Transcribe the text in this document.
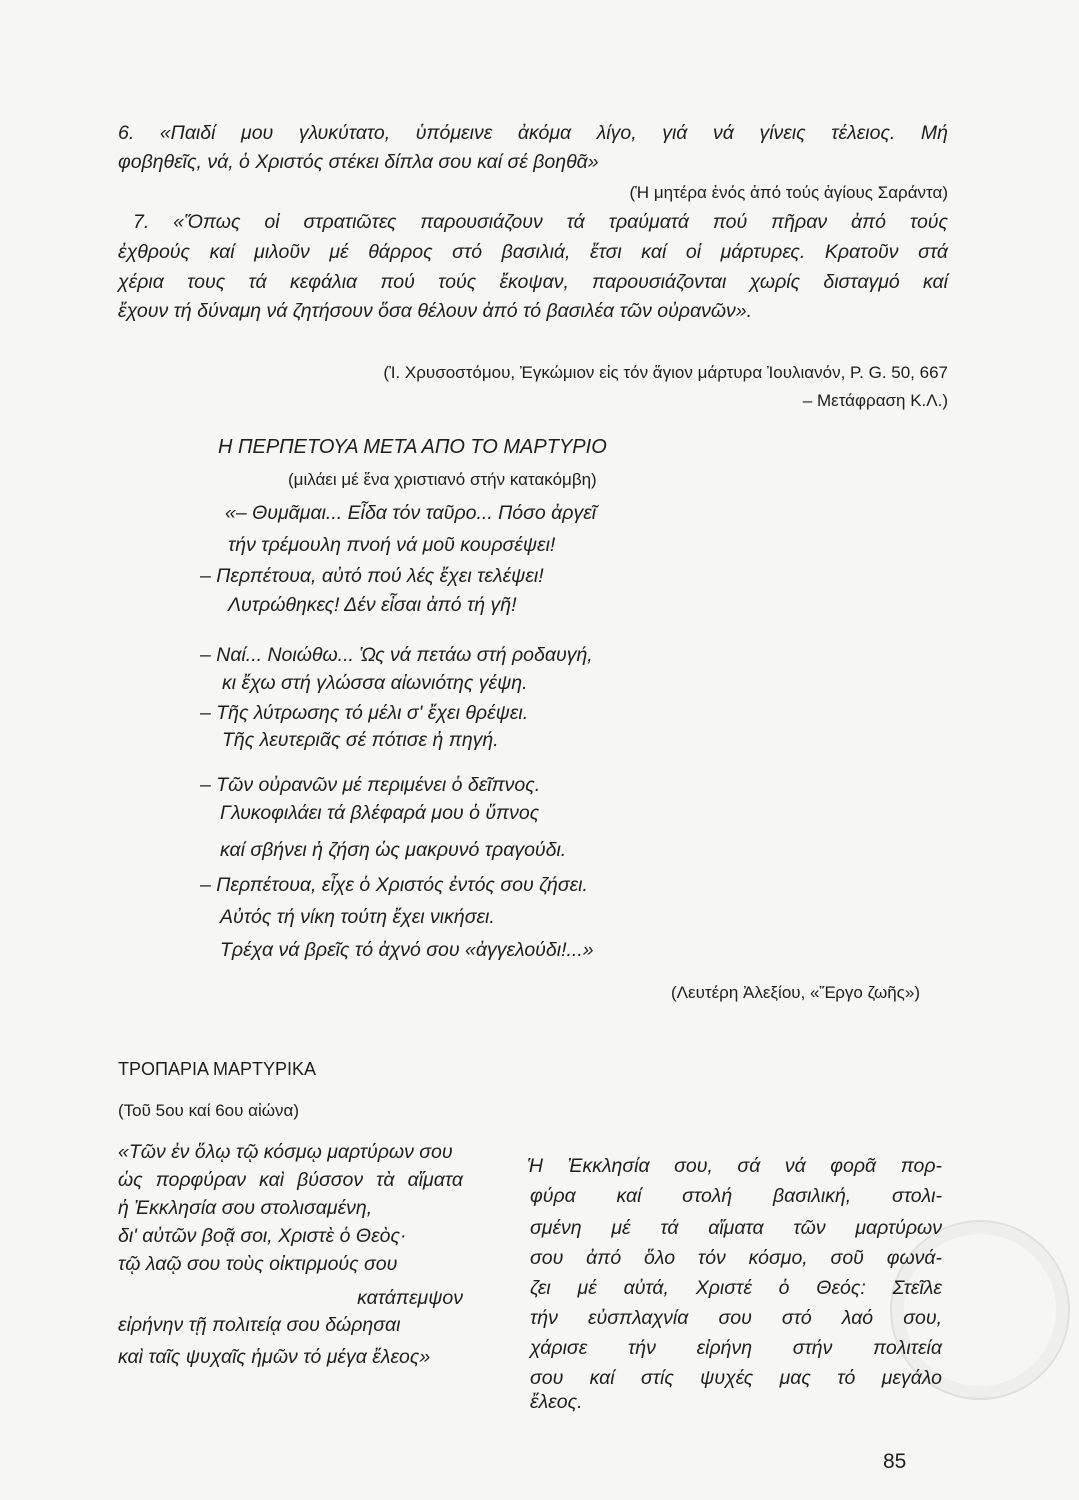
6. «Παιδί μου γλυκύτατο, ὑπόμεινε ἀκόμα λίγο, γιά νά γίνεις τέλειος. Μή
φοβηθεῖς, νά, ὁ Χριστός στέκει δίπλα σου καί σέ βοηθᾶ»
(Ἡ μητέρα ἑνός ἀπό τούς ἁγίους Σαράντα)
7. «Ὅπως οἱ στρατιῶτες παρουσιάζουν τά τραύματά πού πῆραν ἀπό τούς
ἐχθρούς καί μιλοῦν μέ θάρρος στό βασιλιά, ἔτσι καί οἱ μάρτυρες. Κρατοῦν στά
χέρια τους τά κεφάλια πού τούς ἔκοψαν, παρουσιάζονται χωρίς δισταγμό καί
ἔχουν τή δύναμη νά ζητήσουν ὅσα θέλουν ἀπό τό βασιλέα τῶν οὐρανῶν».
(Ἰ. Χρυσοστόμου, Ἐγκώμιον εἰς τόν ἅγιον μάρτυρα Ἰουλιανόν, P. G. 50, 667
– Μετάφραση Κ.Λ.)
Η ΠΕΡΠΕΤΟΥΑ ΜΕΤΑ ΑΠΟ ΤΟ ΜΑΡΤΥΡΙΟ
(μιλάει μέ ἕνα χριστιανό στήν κατακόμβη)
«– Θυμᾶμαι... Εἶδα τόν ταῦρο... Πόσο ἀργεῖ
τήν τρέμουλη πνοή νά μοῦ κουρσέψει!
– Περπέτουα, αὐτό πού λές ἔχει τελέψει!
Λυτρώθηκες! Δέν εἶσαι ἀπό τή γῆ!
– Ναί... Νοιώθω... Ὡς νά πετάω στή ροδαυγή,
κι ἔχω στή γλώσσα αἰωνιότης γέψη.
– Τῆς λύτρωσης τό μέλι σ' ἔχει θρέψει.
Τῆς λευτεριᾶς σέ πότισε ἡ πηγή.
– Τῶν οὐρανῶν μέ περιμένει ὁ δεῖπνος.
Γλυκοφιλάει τά βλέφαρά μου ὁ ὕπνος
καί σβήνει ἡ ζήση ὡς μακρυνό τραγούδι.
– Περπέτουα, εἶχε ὁ Χριστός ἐντός σου ζήσει.
Αὐτός τή νίκη τούτη ἔχει νικήσει.
Τρέχα νά βρεῖς τό ἀχνό σου «ἀγγελούδι!...»
(Λευτέρη Ἀλεξίου, «Ἔργο ζωῆς»)
ΤΡΟΠΑΡΙΑ ΜΑΡΤΥΡΙΚΑ
(Τοῦ 5ου καί 6ου αἰώνα)
«Τῶν ἐν ὅλῳ τῷ κόσμῳ μαρτύρων σου
ὡς πορφύραν καὶ βύσσον τὰ αἵματα
ἡ Ἐκκλησία σου στολισαμένη,
δι' αὐτῶν βοᾷ σοι, Χριστὲ ὁ Θεὸς·
τῷ λαῷ σου τοὺς οἰκτιρμούς σου
κατάπεμψον
εἰρήνην τῇ πολιτείᾳ σου δώρησαι
καὶ ταῖς ψυχαῖς ἡμῶν τό μέγα ἔλεος»
Ἡ Ἐκκλησία σου, σά νά φορᾶ πορ-
φύρα καί στολή βασιλική, στολι-
σμένη μέ τά αἵματα τῶν μαρτύρων
σου ἀπό ὅλο τόν κόσμο, σοῦ φωνά-
ζει μέ αὐτά, Χριστέ ὁ Θεός: Στεῖλε
τήν εὐσπλαχνία σου στό λαό σου,
χάρισε τήν εἰρήνη στήν πολιτεία
σου καί στίς ψυχές μας τό μεγάλο
ἔλεος.
85
